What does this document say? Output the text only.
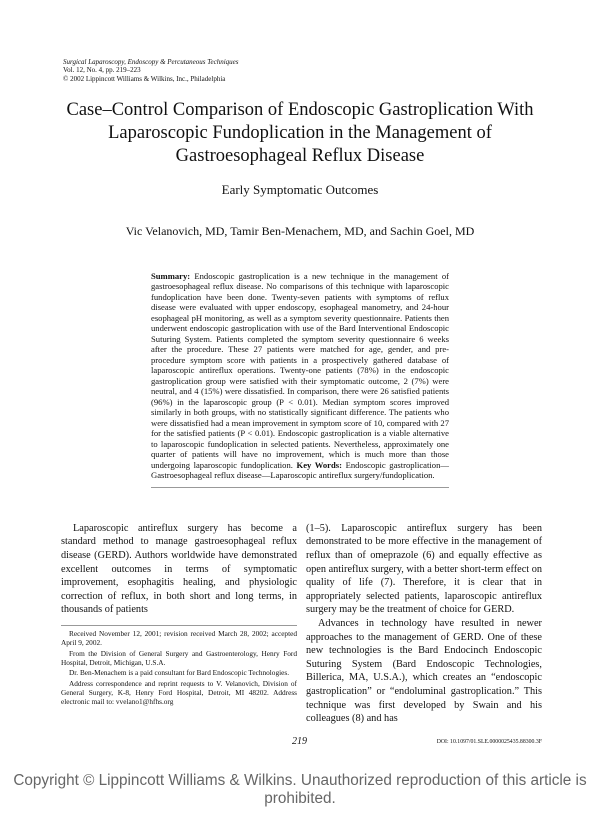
Surgical Laparoscopy, Endoscopy & Percutaneous Techniques
Vol. 12, No. 4, pp. 219–223
© 2002 Lippincott Williams & Wilkins, Inc., Philadelphia
Case–Control Comparison of Endoscopic Gastroplication With Laparoscopic Fundoplication in the Management of Gastroesophageal Reflux Disease
Early Symptomatic Outcomes
Vic Velanovich, MD, Tamir Ben-Menachem, MD, and Sachin Goel, MD
Summary: Endoscopic gastroplication is a new technique in the management of gastroesophageal reflux disease. No comparisons of this technique with laparoscopic fundoplication have been done. Twenty-seven patients with symptoms of reflux disease were evaluated with upper endoscopy, esophageal manometry, and 24-hour esophageal pH monitoring, as well as a symptom severity questionnaire. Patients then underwent endoscopic gastroplication with use of the Bard Interventional Endoscopic Suturing System. Patients completed the symptom severity questionnaire 6 weeks after the procedure. These 27 patients were matched for age, gender, and pre-procedure symptom score with patients in a prospectively gathered database of laparoscopic antireflux operations. Twenty-one patients (78%) in the endoscopic gastroplication group were satisfied with their symptomatic outcome, 2 (7%) were neutral, and 4 (15%) were dissatisfied. In comparison, there were 26 satisfied patients (96%) in the laparoscopic group (P < 0.01). Median symptom scores improved similarly in both groups, with no statistically significant difference. The patients who were dissatisfied had a mean improvement in symptom score of 10, compared with 27 for the satisfied patients (P < 0.01). Endoscopic gastroplication is a viable alternative to laparoscopic fundoplication in selected patients. Nevertheless, approximately one quarter of patients will have no improvement, which is much more than those undergoing laparoscopic fundoplication. Key Words: Endoscopic gastroplication—Gastroesophageal reflux disease—Laparoscopic antireflux surgery/fundoplication.

Laparoscopic antireflux surgery has become a standard method to manage gastroesophageal reflux disease (GERD). Authors worldwide have demonstrated excellent outcomes in terms of symptomatic improvement, esophagitis healing, and physiologic correction of reflux, in both short and long terms, in thousands of patients

Received November 12, 2001; revision received March 28, 2002; accepted April 9, 2002.

From the Division of General Surgery and Gastroenterology, Henry Ford Hospital, Detroit, Michigan, U.S.A.

Dr. Ben-Menachem is a paid consultant for Bard Endoscopic Technologies.

Address correspondence and reprint requests to V. Velanovich, Division of General Surgery, K-8, Henry Ford Hospital, Detroit, MI 48202. Address electronic mail to: vvelano1@hfhs.org

(1–5). Laparoscopic antireflux surgery has been demonstrated to be more effective in the management of reflux than of omeprazole (6) and equally effective as open antireflux surgery, with a better short-term effect on quality of life (7). Therefore, it is clear that in appropriately selected patients, laparoscopic antireflux surgery may be the treatment of choice for GERD.

Advances in technology have resulted in newer approaches to the management of GERD. One of these new technologies is the Bard Endocinch Endoscopic Suturing System (Bard Endoscopic Technologies, Billerica, MA, U.S.A.), which creates an “endoscopic gastroplication” or “endoluminal gastroplication.” This technique was first developed by Swain and his colleagues (8) and has

219	DOI: 10.1097/01.SLE.0000025435.88300.3F
Copyright © Lippincott Williams & Wilkins. Unauthorized reproduction of this article is prohibited.
